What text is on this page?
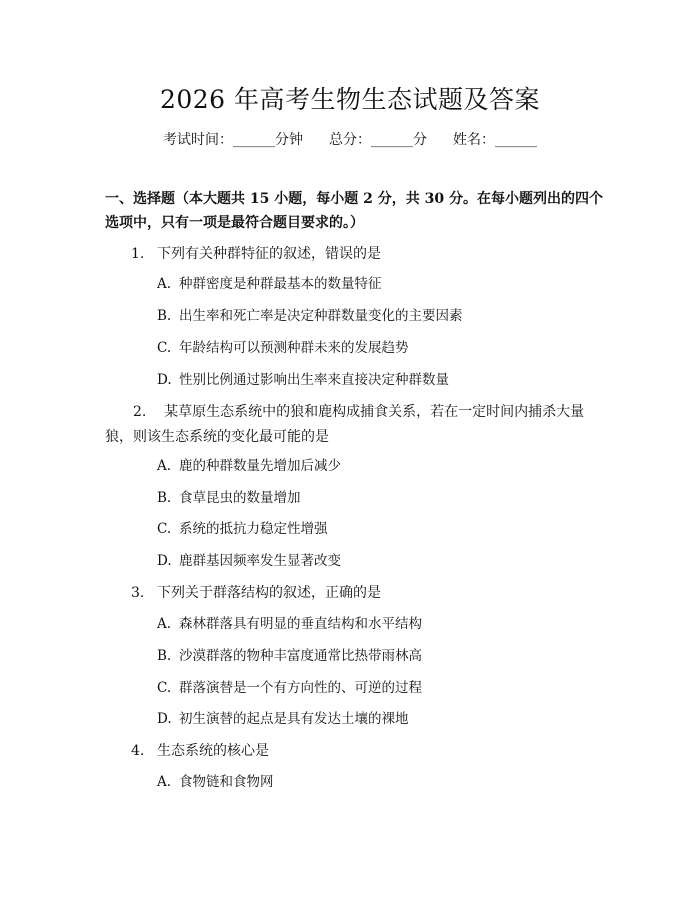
2026 年高考生物生态试题及答案
考试时间：______分钟 总分：______分 姓名：______
一、选择题（本大题共 15 小题，每小题 2 分，共 30 分。在每小题列出的四个选项中，只有一项是最符合题目要求的。）
1. 下列有关种群特征的叙述，错误的是
A. 种群密度是种群最基本的数量特征
B. 出生率和死亡率是决定种群数量变化的主要因素
C. 年龄结构可以预测种群未来的发展趋势
D. 性别比例通过影响出生率来直接决定种群数量
2. 某草原生态系统中的狼和鹿构成捕食关系，若在一定时间内捕杀大量狼，则该生态系统的变化最可能的是
A. 鹿的种群数量先增加后减少
B. 食草昆虫的数量增加
C. 系统的抵抗力稳定性增强
D. 鹿群基因频率发生显著改变
3. 下列关于群落结构的叙述，正确的是
A. 森林群落具有明显的垂直结构和水平结构
B. 沙漠群落的物种丰富度通常比热带雨林高
C. 群落演替是一个有方向性的、可逆的过程
D. 初生演替的起点是具有发达土壤的裸地
4. 生态系统的核心是
A. 食物链和食物网
